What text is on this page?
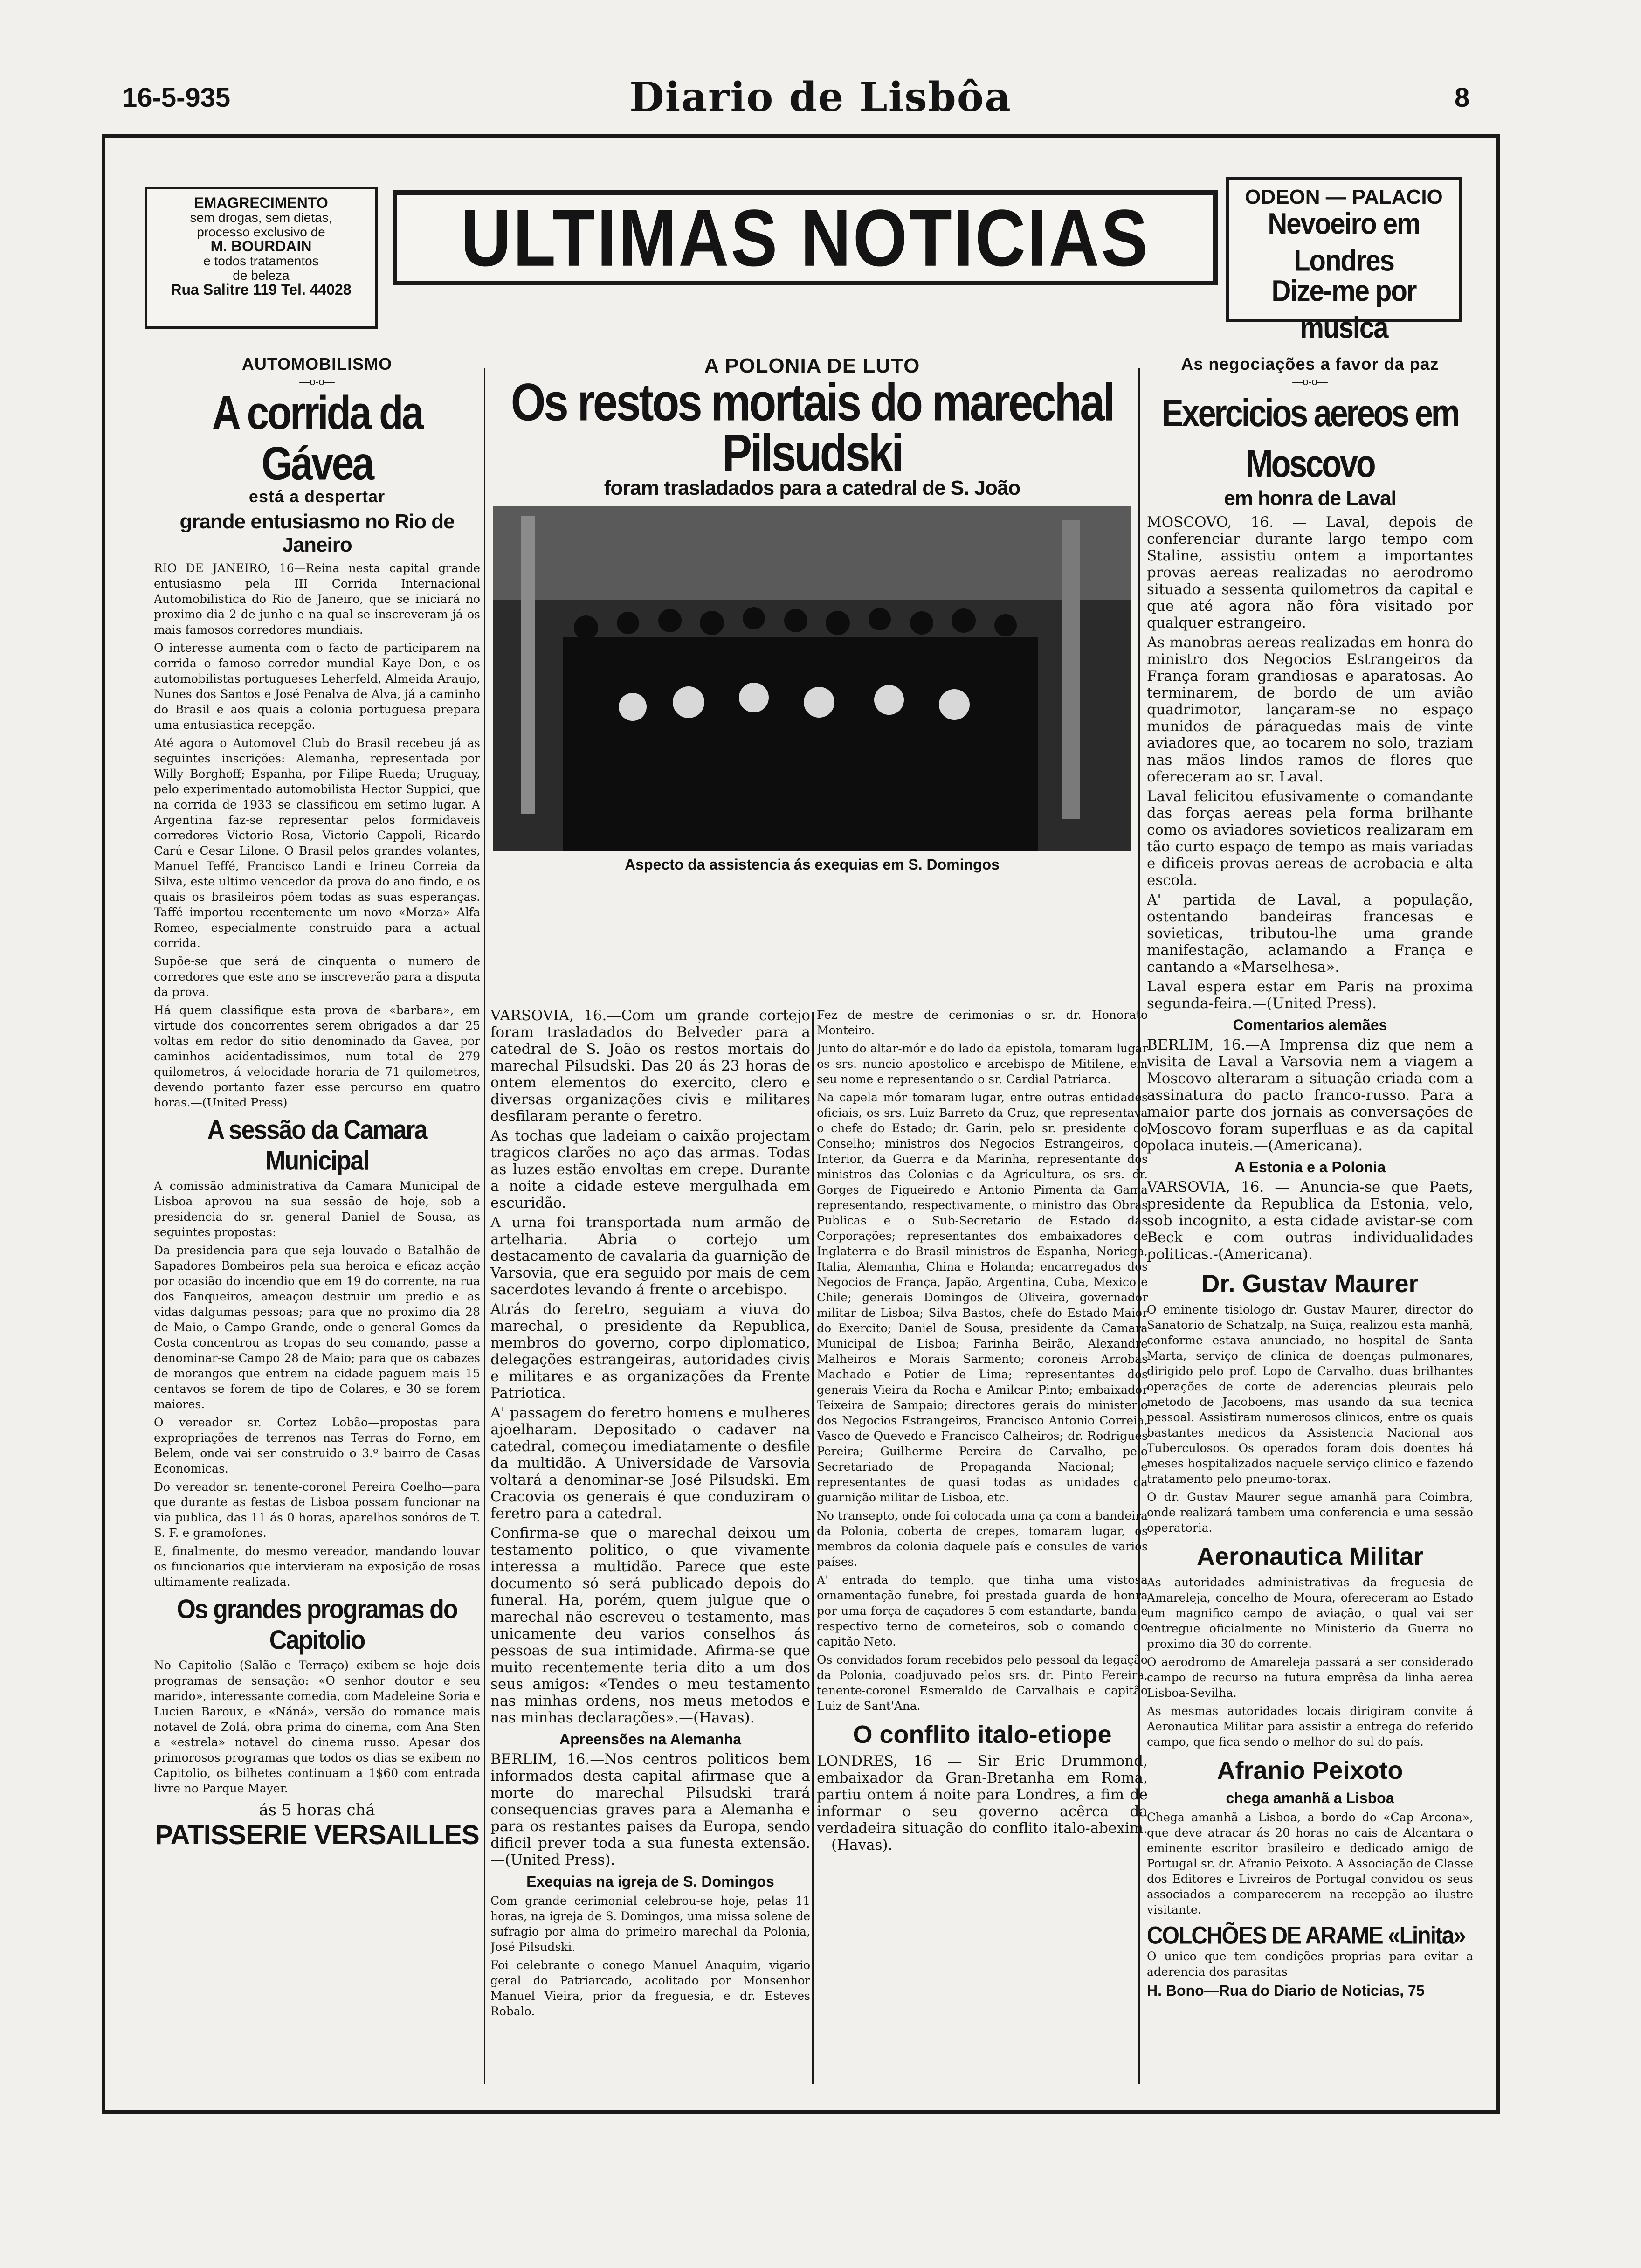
16-5-935	Diario de Lisbôa	8
EMAGRECIMENTO
sem drogas, sem dietas,
processo exclusivo de
M. BOURDAIN
e todos tratamentos
de beleza
Rua Salitre 119 Tel. 44028
ULTIMAS NOTICIAS	ODEON — PALACIO
Nevoeiro em Londres
Dize-me por musica
AUTOMOBILISMO
—o-o—
A corrida da Gávea
está a despertar
grande entusiasmo no Rio de Janeiro

RIO DE JANEIRO, 16—Reina nesta capital grande entusiasmo pela III Corrida Internacional Automobilistica do Rio de Janeiro, que se iniciará no proximo dia 2 de junho e na qual se inscreveram já os mais famosos corredores mundiais.

O interesse aumenta com o facto de participarem na corrida o famoso corredor mundial Kaye Don, e os automobilistas portugueses Leherfeld, Almeida Araujo, Nunes dos Santos e José Penalva de Alva, já a caminho do Brasil e aos quais a colonia portuguesa prepara uma entusiastica recepção.

Até agora o Automovel Club do Brasil recebeu já as seguintes inscrições: Alemanha, representada por Willy Borghoff; Espanha, por Filipe Rueda; Uruguay, pelo experimentado automobilista Hector Suppici, que na corrida de 1933 se classificou em setimo lugar. A Argentina faz-se representar pelos formidaveis corredores Victorio Rosa, Victorio Cappoli, Ricardo Carú e Cesar Lilone. O Brasil pelos grandes volantes, Manuel Teffé, Francisco Landi e Irineu Correia da Silva, este ultimo vencedor da prova do ano findo, e os quais os brasileiros põem todas as suas esperanças. Taffé importou recentemente um novo «Morza» Alfa Romeo, especialmente construido para a actual corrida.

Supõe-se que será de cinquenta o numero de corredores que este ano se inscreverão para a disputa da prova.

Há quem classifique esta prova de «barbara», em virtude dos concorrentes serem obrigados a dar 25 voltas em redor do sitio denominado da Gavea, por caminhos acidentadissimos, num total de 279 quilometros, á velocidade horaria de 71 quilometros, devendo portanto fazer esse percurso em quatro horas.—(United Press)

A sessão da Camara Municipal

A comissão administrativa da Camara Municipal de Lisboa aprovou na sua sessão de hoje, sob a presidencia do sr. general Daniel de Sousa, as seguintes propostas:

Da presidencia para que seja louvado o Batalhão de Sapadores Bombeiros pela sua heroica e eficaz acção por ocasião do incendio que em 19 do corrente, na rua dos Fanqueiros, ameaçou destruir um predio e as vidas dalgumas pessoas; para que no proximo dia 28 de Maio, o Campo Grande, onde o general Gomes da Costa concentrou as tropas do seu comando, passe a denominar-se Campo 28 de Maio; para que os cabazes de morangos que entrem na cidade paguem mais 15 centavos se forem de tipo de Colares, e 30 se forem maiores.

O vereador sr. Cortez Lobão—propostas para expropriações de terrenos nas Terras do Forno, em Belem, onde vai ser construido o 3.º bairro de Casas Economicas.

Do vereador sr. tenente-coronel Pereira Coelho—para que durante as festas de Lisboa possam funcionar na via publica, das 11 ás 0 horas, aparelhos sonóros de T. S. F. e gramofones.

E, finalmente, do mesmo vereador, mandando louvar os funcionarios que intervieram na exposição de rosas ultimamente realizada.

Os grandes programas do Capitolio

No Capitolio (Salão e Terraço) exibem-se hoje dois programas de sensação: «O senhor doutor e seu marido», interessante comedia, com Madeleine Soria e Lucien Baroux, e «Náná», versão do romance mais notavel de Zolá, obra prima do cinema, com Ana Sten a «estrela» notavel do cinema russo. Apesar dos primorosos programas que todos os dias se exibem no Capitolio, os bilhetes continuam a 1$60 com entrada livre no Parque Mayer.

ás 5 horas chá
PATISSERIE VERSAILLES
A POLONIA DE LUTO
Os restos mortais do marechal Pilsudski
foram trasladados para a catedral de S. João
Aspecto da assistencia ás exequias em S. Domingos

VARSOVIA, 16.—Com um grande cortejo foram trasladados do Belveder para a catedral de S. João os restos mortais do marechal Pilsudski. Das 20 ás 23 horas de ontem elementos do exercito, clero e diversas organizações civis e militares desfilaram perante o feretro.

As tochas que ladeiam o caixão projectam tragicos clarões no aço das armas. Todas as luzes estão envoltas em crepe. Durante a noite a cidade esteve mergulhada em escuridão.

A urna foi transportada num armão de artelharia. Abria o cortejo um destacamento de cavalaria da guarnição de Varsovia, que era seguido por mais de cem sacerdotes levando á frente o arcebispo.

Atrás do feretro, seguiam a viuva do marechal, o presidente da Republica, membros do governo, corpo diplomatico, delegações estrangeiras, autoridades civis e militares e as organizações da Frente Patriotica.

A' passagem do feretro homens e mulheres ajoelharam. Depositado o cadaver na catedral, começou imediatamente o desfile da multidão. A Universidade de Varsovia voltará a denominar-se José Pilsudski. Em Cracovia os generais é que conduziram o feretro para a catedral.

Confirma-se que o marechal deixou um testamento politico, o que vivamente interessa a multidão. Parece que este documento só será publicado depois do funeral. Ha, porém, quem julgue que o marechal não escreveu o testamento, mas unicamente deu varios conselhos ás pessoas de sua intimidade. Afirma-se que muito recentemente teria dito a um dos seus amigos: «Tendes o meu testamento nas minhas ordens, nos meus metodos e nas minhas declarações».—(Havas).

Apreensões na Alemanha

BERLIM, 16.—Nos centros politicos bem informados desta capital afirmase que a morte do marechal Pilsudski trará consequencias graves para a Alemanha e para os restantes paises da Europa, sendo dificil prever toda a sua funesta extensão.—(United Press).

Exequias na igreja de S. Domingos

Com grande cerimonial celebrou-se hoje, pelas 11 horas, na igreja de S. Domingos, uma missa solene de sufragio por alma do primeiro marechal da Polonia, José Pilsudski.

Foi celebrante o conego Manuel Anaquim, vigario geral do Patriarcado, acolitado por Monsenhor Manuel Vieira, prior da freguesia, e dr. Esteves Robalo.

Fez de mestre de cerimonias o sr. dr. Honorato Monteiro.

Junto do altar-mór e do lado da epistola, tomaram lugar os srs. nuncio apostolico e arcebispo de Mitilene, em seu nome e representando o sr. Cardial Patriarca.

Na capela mór tomaram lugar, entre outras entidades oficiais, os srs. Luiz Barreto da Cruz, que representava o chefe do Estado; dr. Garin, pelo sr. presidente do Conselho; ministros dos Negocios Estrangeiros, do Interior, da Guerra e da Marinha, representante dos ministros das Colonias e da Agricultura, os srs. dr. Gorges de Figueiredo e Antonio Pimenta da Gama representando, respectivamente, o ministro das Obras Publicas e o Sub-Secretario de Estado das Corporações; representantes dos embaixadores de Inglaterra e do Brasil ministros de Espanha, Noriega, Italia, Alemanha, China e Holanda; encarregados dos Negocios de França, Japão, Argentina, Cuba, Mexico e Chile; generais Domingos de Oliveira, governador militar de Lisboa; Silva Bastos, chefe do Estado Maior do Exercito; Daniel de Sousa, presidente da Camara Municipal de Lisboa; Farinha Beirão, Alexandre Malheiros e Morais Sarmento; coroneis Arrobas Machado e Potier de Lima; representantes dos generais Vieira da Rocha e Amilcar Pinto; embaixador Teixeira de Sampaio; directores gerais do ministerio dos Negocios Estrangeiros, Francisco Antonio Correia, Vasco de Quevedo e Francisco Calheiros; dr. Rodrigues Pereira; Guilherme Pereira de Carvalho, pelo Secretariado de Propaganda Nacional; e representantes de quasi todas as unidades da guarnição militar de Lisboa, etc.

No transepto, onde foi colocada uma ça com a bandeira da Polonia, coberta de crepes, tomaram lugar, os membros da colonia daquele país e consules de varios países.

A' entrada do templo, que tinha uma vistosa ornamentação funebre, foi prestada guarda de honra por uma força de caçadores 5 com estandarte, banda e respectivo terno de corneteiros, sob o comando do capitão Neto.

Os convidados foram recebidos pelo pessoal da legação da Polonia, coadjuvado pelos srs. dr. Pinto Fereira, tenente-coronel Esmeraldo de Carvalhais e capitão Luiz de Sant'Ana.

O conflito italo-etiope

LONDRES, 16 — Sir Eric Drummond, embaixador da Gran-Bretanha em Roma, partiu ontem á noite para Londres, a fim de informar o seu governo acêrca da verdadeira situação do conflito italo-abexim.—(Havas).

As negociações a favor da paz
—o-o—
Exercicios aereos em Moscovo
em honra de Laval

MOSCOVO, 16. — Laval, depois de conferenciar durante largo tempo com Staline, assistiu ontem a importantes provas aereas realizadas no aerodromo situado a sessenta quilometros da capital e que até agora não fôra visitado por qualquer estrangeiro.

As manobras aereas realizadas em honra do ministro dos Negocios Estrangeiros da França foram grandiosas e aparatosas. Ao terminarem, de bordo de um avião quadrimotor, lançaram-se no espaço munidos de páraquedas mais de vinte aviadores que, ao tocarem no solo, traziam nas mãos lindos ramos de flores que ofereceram ao sr. Laval.

Laval felicitou efusivamente o comandante das forças aereas pela forma brilhante como os aviadores sovieticos realizaram em tão curto espaço de tempo as mais variadas e dificeis provas aereas de acrobacia e alta escola.

A' partida de Laval, a população, ostentando bandeiras francesas e sovieticas, tributou-lhe uma grande manifestação, aclamando a França e cantando a «Marselhesa».

Laval espera estar em Paris na proxima segunda-feira.—(United Press).

Comentarios alemães

BERLIM, 16.—A Imprensa diz que nem a visita de Laval a Varsovia nem a viagem a Moscovo alteraram a situação criada com a assinatura do pacto franco-russo. Para a maior parte dos jornais as conversações de Moscovo foram superfluas e as da capital polaca inuteis.—(Americana).

A Estonia e a Polonia

VARSOVIA, 16. — Anuncia-se que Paets, presidente da Republica da Estonia, velo, sob incognito, a esta cidade avistar-se com Beck e com outras individualidades politicas.-(Americana).

Dr. Gustav Maurer

O eminente tisiologo dr. Gustav Maurer, director do Sanatorio de Schatzalp, na Suiça, realizou esta manhã, conforme estava anunciado, no hospital de Santa Marta, serviço de clinica de doenças pulmonares, dirigido pelo prof. Lopo de Carvalho, duas brilhantes operações de corte de aderencias pleurais pelo metodo de Jacoboens, mas usando da sua tecnica pessoal. Assistiram numerosos clinicos, entre os quais bastantes medicos da Assistencia Nacional aos Tuberculosos. Os operados foram dois doentes há meses hospitalizados naquele serviço clinico e fazendo tratamento pelo pneumo-torax.

O dr. Gustav Maurer segue amanhã para Coimbra, onde realizará tambem uma conferencia e uma sessão operatoria.

Aeronautica Militar

As autoridades administrativas da freguesia de Amareleja, concelho de Moura, ofereceram ao Estado um magnifico campo de aviação, o qual vai ser entregue oficialmente no Ministerio da Guerra no proximo dia 30 do corrente.

O aerodromo de Amareleja passará a ser considerado campo de recurso na futura emprêsa da linha aerea Lisboa-Sevilha.

As mesmas autoridades locais dirigiram convite á Aeronautica Militar para assistir a entrega do referido campo, que fica sendo o melhor do sul do país.

Afranio Peixoto
chega amanhã a Lisboa

Chega amanhã a Lisboa, a bordo do «Cap Arcona», que deve atracar ás 20 horas no cais de Alcantara o eminente escritor brasileiro e dedicado amigo de Portugal sr. dr. Afranio Peixoto. A Associação de Classe dos Editores e Livreiros de Portugal convidou os seus associados a comparecerem na recepção ao ilustre visitante.

COLCHÕES DE ARAME «Linita»

O unico que tem condições proprias para evitar a aderencia dos parasitas

H. Bono—Rua do Diario de Noticias, 75
